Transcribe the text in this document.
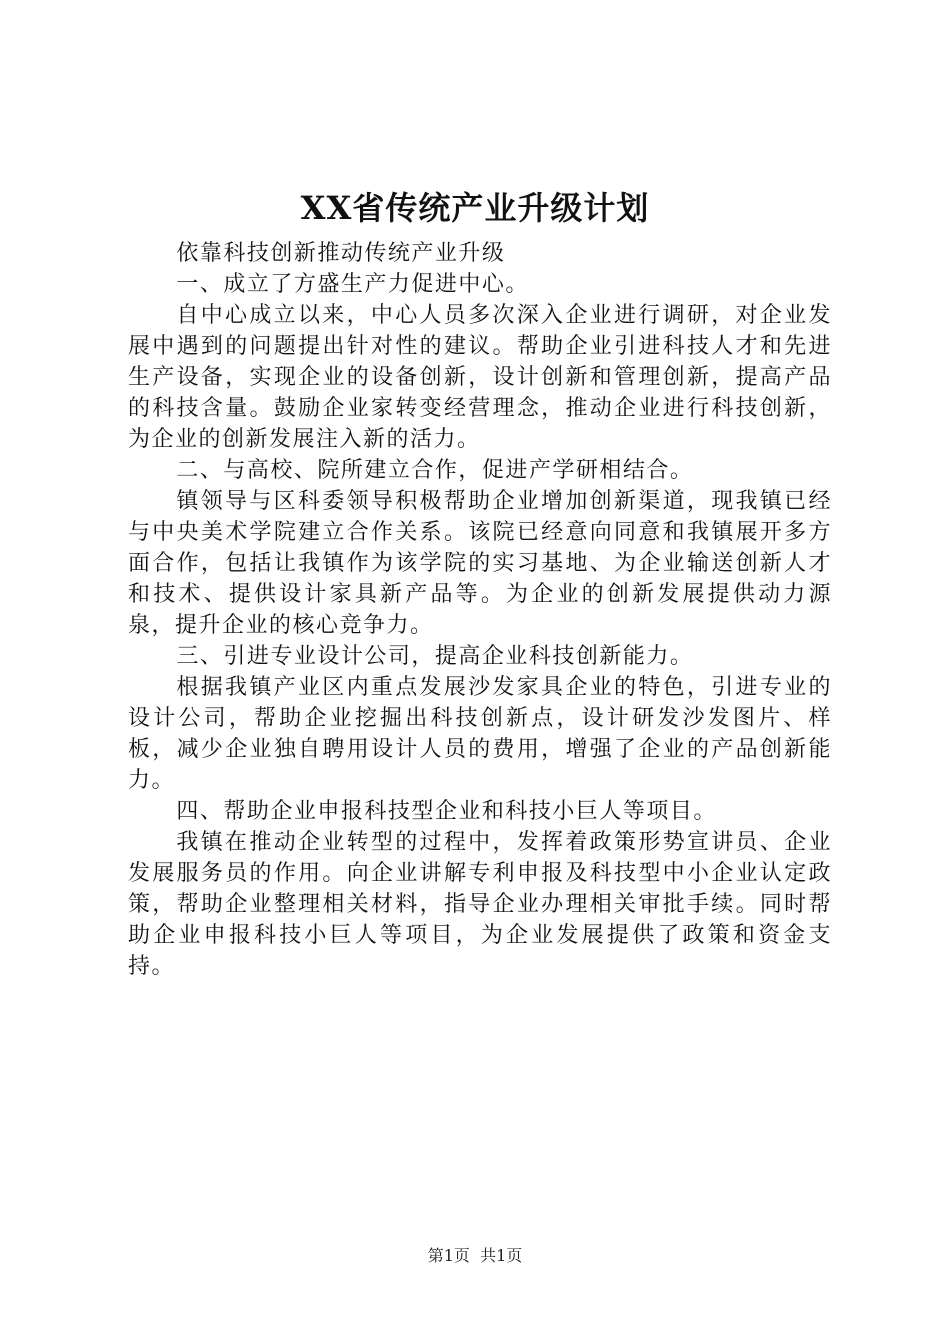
XX省传统产业升级计划

依靠科技创新推动传统产业升级

一、成立了方盛生产力促进中心。

自中心成立以来，中心人员多次深入企业进行调研，对企业发展中遇到的问题提出针对性的建议。帮助企业引进科技人才和先进生产设备，实现企业的设备创新，设计创新和管理创新，提高产品的科技含量。鼓励企业家转变经营理念，推动企业进行科技创新，为企业的创新发展注入新的活力。

二、与高校、院所建立合作，促进产学研相结合。

镇领导与区科委领导积极帮助企业增加创新渠道，现我镇已经与中央美术学院建立合作关系。该院已经意向同意和我镇展开多方面合作，包括让我镇作为该学院的实习基地、为企业输送创新人才和技术、提供设计家具新产品等。为企业的创新发展提供动力源泉，提升企业的核心竞争力。

三、引进专业设计公司，提高企业科技创新能力。

根据我镇产业区内重点发展沙发家具企业的特色，引进专业的设计公司，帮助企业挖掘出科技创新点，设计研发沙发图片、样板，减少企业独自聘用设计人员的费用，增强了企业的产品创新能力。

四、帮助企业申报科技型企业和科技小巨人等项目。

我镇在推动企业转型的过程中，发挥着政策形势宣讲员、企业发展服务员的作用。向企业讲解专利申报及科技型中小企业认定政策，帮助企业整理相关材料，指导企业办理相关审批手续。同时帮助企业申报科技小巨人等项目，为企业发展提供了政策和资金支持。

第1页  共1页
